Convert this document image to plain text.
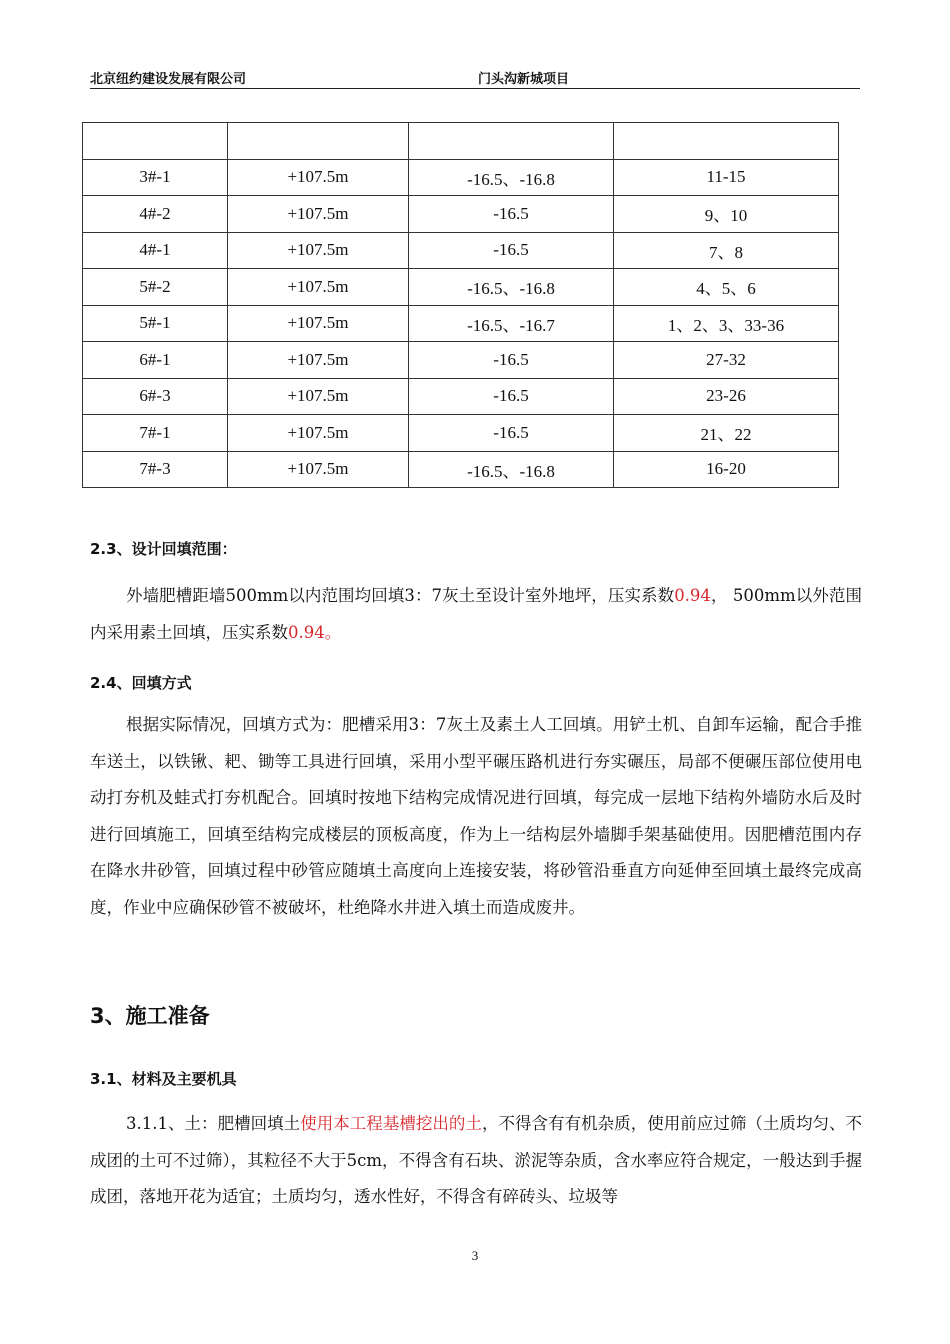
北京纽约建设发展有限公司	门头沟新城项目

3#-1	+107.5m	-16.5、-16.8	11-15
4#-2	+107.5m	-16.5	9、10
4#-1	+107.5m	-16.5	7、8
5#-2	+107.5m	-16.5、-16.8	4、5、6
5#-1	+107.5m	-16.5、-16.7	1、2、3、33-36
6#-1	+107.5m	-16.5	27-32
6#-3	+107.5m	-16.5	23-26
7#-1	+107.5m	-16.5	21、22
7#-3	+107.5m	-16.5、-16.8	16-20
2.3、设计回填范围：

外墙肥槽距墙500mm以内范围均回填3：7灰土至设计室外地坪，压实系数0.94， 500mm以外范围内采用素土回填，压实系数0.94。

2.4、回填方式

根据实际情况，回填方式为：肥槽采用3：7灰土及素土人工回填。用铲土机、自卸车运输，配合手推车送土，以铁锹、耙、锄等工具进行回填，采用小型平碾压路机进行夯实碾压，局部不便碾压部位使用电动打夯机及蛙式打夯机配合。回填时按地下结构完成情况进行回填，每完成一层地下结构外墙防水后及时进行回填施工，回填至结构完成楼层的顶板高度，作为上一结构层外墙脚手架基础使用。因肥槽范围内存在降水井砂管，回填过程中砂管应随填土高度向上连接安装，将砂管沿垂直方向延伸至回填土最终完成高度，作业中应确保砂管不被破坏，杜绝降水井进入填土而造成废井。

3、施工准备
3.1、材料及主要机具

3.1.1、土：肥槽回填土使用本工程基槽挖出的土，不得含有有机杂质，使用前应过筛（土质均匀、不成团的土可不过筛），其粒径不大于5cm，不得含有石块、淤泥等杂质，含水率应符合规定，一般达到手握成团，落地开花为适宜；土质均匀，透水性好，不得含有碎砖头、垃圾等

3
